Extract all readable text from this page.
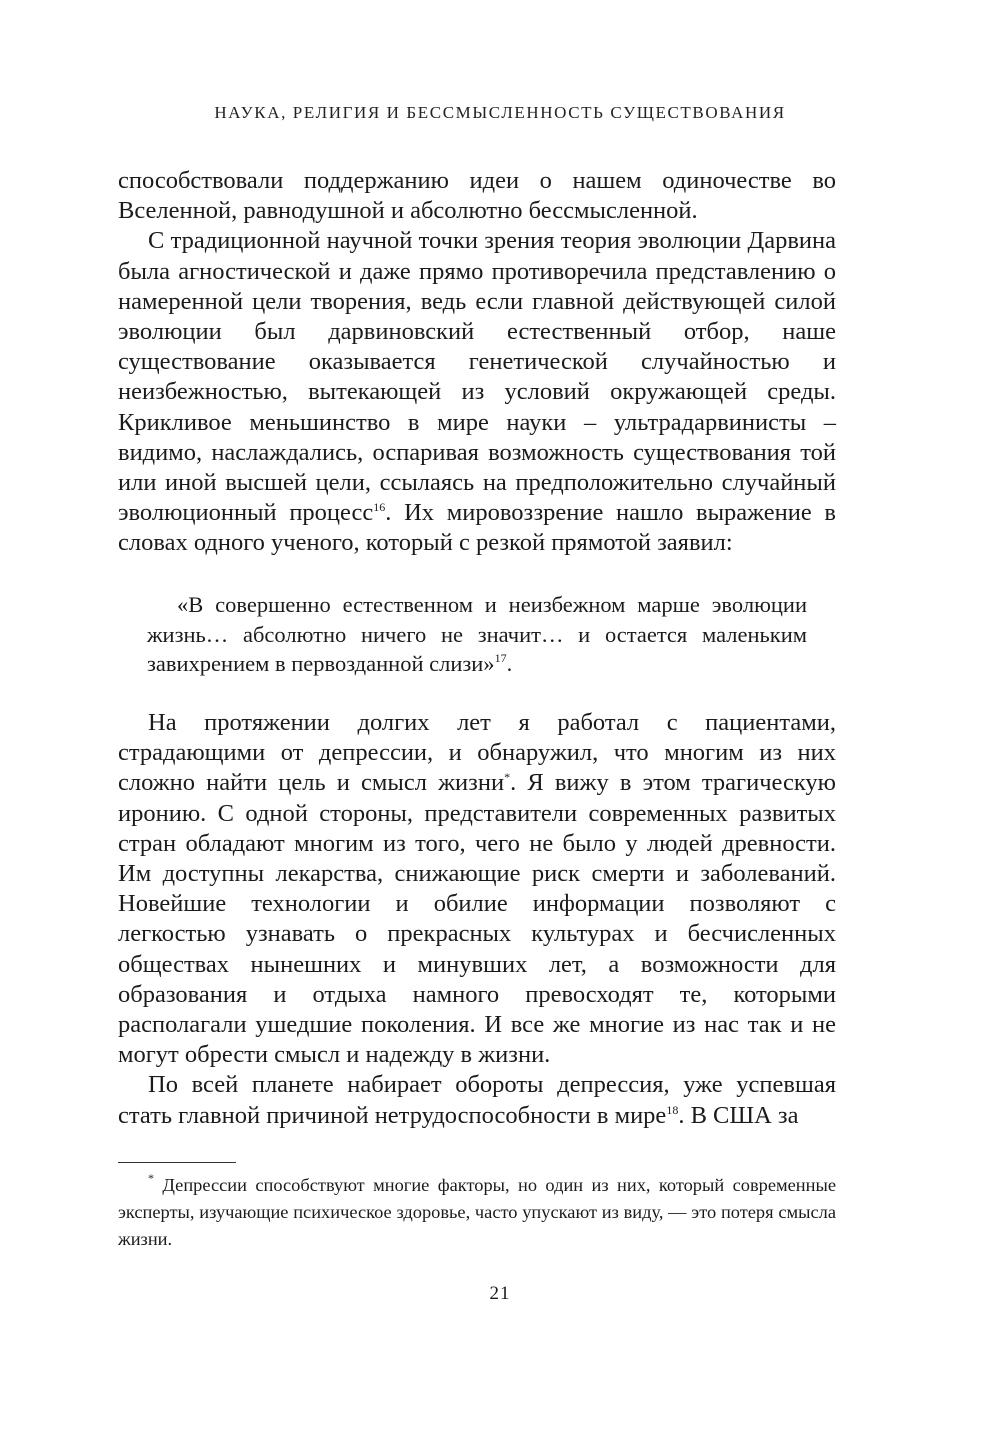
НАУКА, РЕЛИГИЯ И БЕССМЫСЛЕННОСТЬ СУЩЕСТВОВАНИЯ

способствовали поддержанию идеи о нашем одиночестве во Вселенной, равнодушной и абсолютно бессмысленной.

С традиционной научной точки зрения теория эволюции Дарвина была агностической и даже прямо противоречила представлению о намеренной цели творения, ведь если главной действующей силой эволюции был дарвиновский естественный отбор, наше существование оказывается генетической случайностью и неизбежностью, вытекающей из условий окружающей среды. Крикливое меньшинство в мире науки – ультрадарвинисты – видимо, наслаждались, оспаривая возможность существования той или иной высшей цели, ссылаясь на предположительно случайный эволюционный процесс$^{16}$. Их мировоззрение нашло выражение в словах одного ученого, который с резкой прямотой заявил:

«В совершенно естественном и неизбежном марше эволюции жизнь… абсолютно ничего не значит… и остается маленьким завихрением в первозданной слизи»$^{17}$.

На протяжении долгих лет я работал с пациентами, страдающими от депрессии, и обнаружил, что многим из них сложно найти цель и смысл жизни*. Я вижу в этом трагическую иронию. С одной стороны, представители современных развитых стран обладают многим из того, чего не было у людей древности. Им доступны лекарства, снижающие риск смерти и заболеваний. Новейшие технологии и обилие информации позволяют с легкостью узнавать о прекрасных культурах и бесчисленных обществах нынешних и минувших лет, а возможности для образования и отдыха намного превосходят те, которыми располагали ушедшие поколения. И все же многие из нас так и не могут обрести смысл и надежду в жизни.

По всей планете набирает обороты депрессия, уже успевшая стать главной причиной нетрудоспособности в мире$^{18}$. В США за

* Депрессии способствуют многие факторы, но один из них, который современные эксперты, изучающие психическое здоровье, часто упускают из виду, — это потеря смысла жизни.

21
